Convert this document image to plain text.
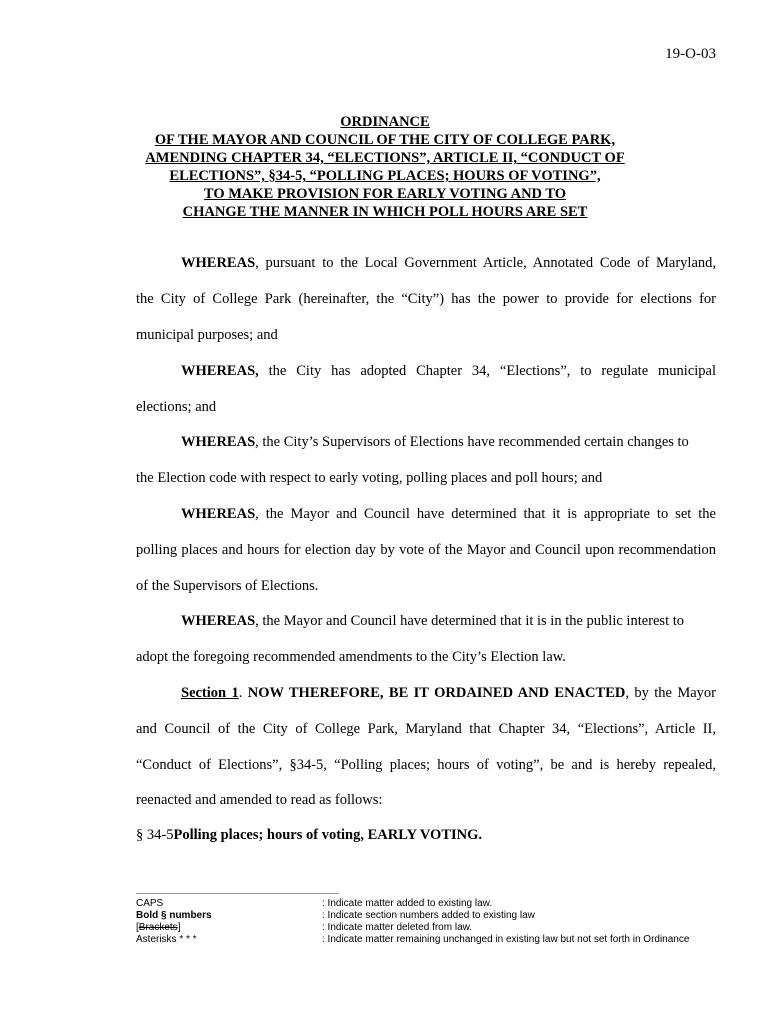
19-O-03
ORDINANCE
OF THE MAYOR AND COUNCIL OF THE CITY OF COLLEGE PARK,
AMENDING CHAPTER 34, “ELECTIONS”, ARTICLE II, “CONDUCT OF
ELECTIONS”, §34-5, “POLLING PLACES; HOURS OF VOTING”,
TO MAKE PROVISION FOR EARLY VOTING AND TO
CHANGE THE MANNER IN WHICH POLL HOURS ARE SET
WHEREAS, pursuant to the Local Government Article, Annotated Code of Maryland,
the City of College Park (hereinafter, the “City”) has the power to provide for elections for
municipal purposes; and
WHEREAS, the City has adopted Chapter 34, “Elections”, to regulate municipal
elections; and
WHEREAS, the City’s Supervisors of Elections have recommended certain changes to
the Election code with respect to early voting, polling places and poll hours; and
WHEREAS, the Mayor and Council have determined that it is appropriate to set the
polling places and hours for election day by vote of the Mayor and Council upon recommendation
of the Supervisors of Elections.
WHEREAS, the Mayor and Council have determined that it is in the public interest to
adopt the foregoing recommended amendments to the City’s Election law.
Section 1. NOW THEREFORE, BE IT ORDAINED AND ENACTED, by the Mayor
and Council of the City of College Park, Maryland that Chapter 34, “Elections”, Article II,
“Conduct of Elections”, §34-5, “Polling places; hours of voting”, be and is hereby repealed,
reenacted and amended to read as follows:
§ 34-5Polling places; hours of voting, EARLY VOTING.
CAPS	: Indicate matter added to existing law.
Bold § numbers	: Indicate section numbers added to existing law
[Brackets]	: Indicate matter deleted from law.
Asterisks * * *	: Indicate matter remaining unchanged in existing law but not set forth in Ordinance
